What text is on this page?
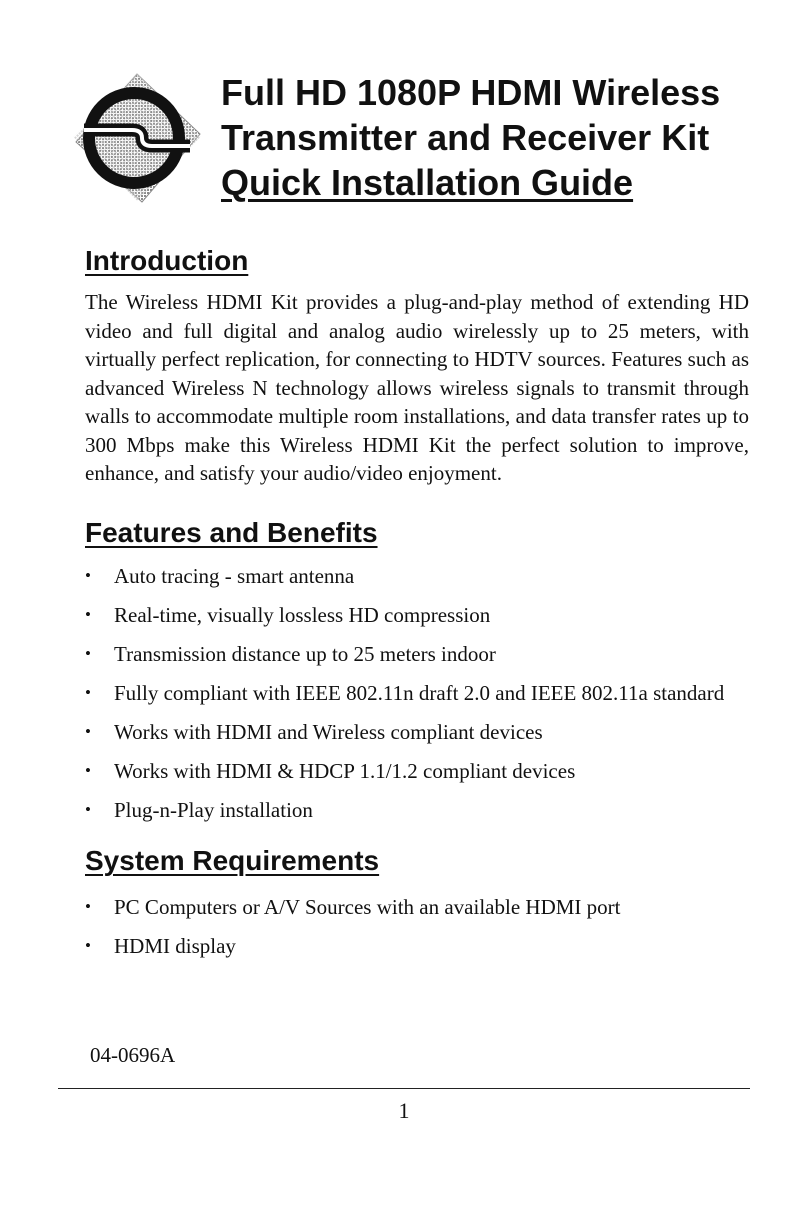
Full HD 1080P HDMI Wireless
Transmitter and Receiver Kit
Quick Installation Guide
Introduction

The Wireless HDMI Kit provides a plug-and-play method of extending HD video and full digital and analog audio wirelessly up to 25 meters, with virtually perfect replication, for connecting to HDTV sources. Features such as advanced Wireless N technology allows wireless signals to transmit through walls to accommodate multiple room installations, and data transfer rates up to 300 Mbps make this Wireless HDMI Kit the perfect solution to improve, enhance, and satisfy your audio/video enjoyment.

Features and Benefits
• Auto tracing - smart antenna
• Real-time, visually lossless HD compression
• Transmission distance up to 25 meters indoor
• Fully compliant with IEEE 802.11n draft 2.0 and IEEE 802.11a standard
• Works with HDMI and Wireless compliant devices
• Works with HDMI & HDCP 1.1/1.2 compliant devices
• Plug-n-Play installation
System Requirements
• PC Computers or A/V Sources with an available HDMI port
• HDMI display
04-0696A
1
